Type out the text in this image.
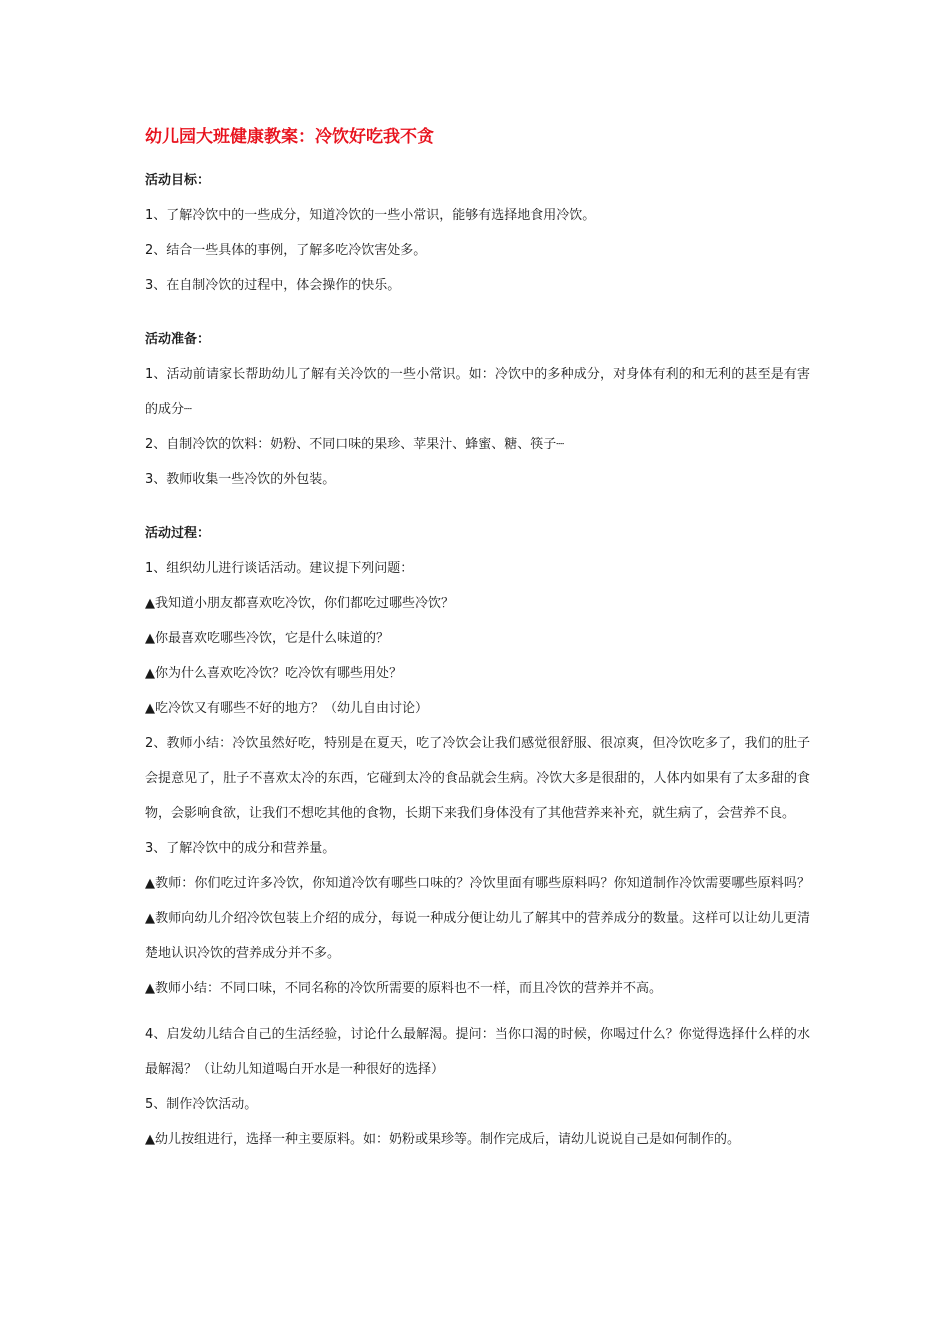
幼儿园大班健康教案：冷饮好吃我不贪

活动目标：

1、了解冷饮中的一些成分，知道冷饮的一些小常识，能够有选择地食用冷饮。

2、结合一些具体的事例，了解多吃冷饮害处多。

3、在自制冷饮的过程中，体会操作的快乐。

活动准备：

1、活动前请家长帮助幼儿了解有关冷饮的一些小常识。如：冷饮中的多种成分，对身体有利的和无利的甚至是有害的成分┈

2、自制冷饮的饮料：奶粉、不同口味的果珍、苹果汁、蜂蜜、糖、筷子┈

3、教师收集一些冷饮的外包装。

活动过程：

1、组织幼儿进行谈话活动。建议提下列问题：

▲我知道小朋友都喜欢吃冷饮，你们都吃过哪些冷饮？

▲你最喜欢吃哪些冷饮，它是什么味道的？

▲你为什么喜欢吃冷饮？吃冷饮有哪些用处？

▲吃冷饮又有哪些不好的地方？（幼儿自由讨论）

2、教师小结：冷饮虽然好吃，特别是在夏天，吃了冷饮会让我们感觉很舒服、很凉爽，但冷饮吃多了，我们的肚子会提意见了，肚子不喜欢太冷的东西，它碰到太冷的食品就会生病。冷饮大多是很甜的，人体内如果有了太多甜的食物，会影响食欲，让我们不想吃其他的食物，长期下来我们身体没有了其他营养来补充，就生病了，会营养不良。

3、了解冷饮中的成分和营养量。

▲教师：你们吃过许多冷饮，你知道冷饮有哪些口味的？冷饮里面有哪些原料吗？你知道制作冷饮需要哪些原料吗？　▲教师向幼儿介绍冷饮包装上介绍的成分，每说一种成分便让幼儿了解其中的营养成分的数量。这样可以让幼儿更清楚地认识冷饮的营养成分并不多。

▲教师小结：不同口味，不同名称的冷饮所需要的原料也不一样，而且冷饮的营养并不高。

4、启发幼儿结合自己的生活经验，讨论什么最解渴。提问：当你口渴的时候，你喝过什么？你觉得选择什么样的水最解渴？（让幼儿知道喝白开水是一种很好的选择）

5、制作冷饮活动。

▲幼儿按组进行，选择一种主要原料。如：奶粉或果珍等。制作完成后，请幼儿说说自己是如何制作的。
